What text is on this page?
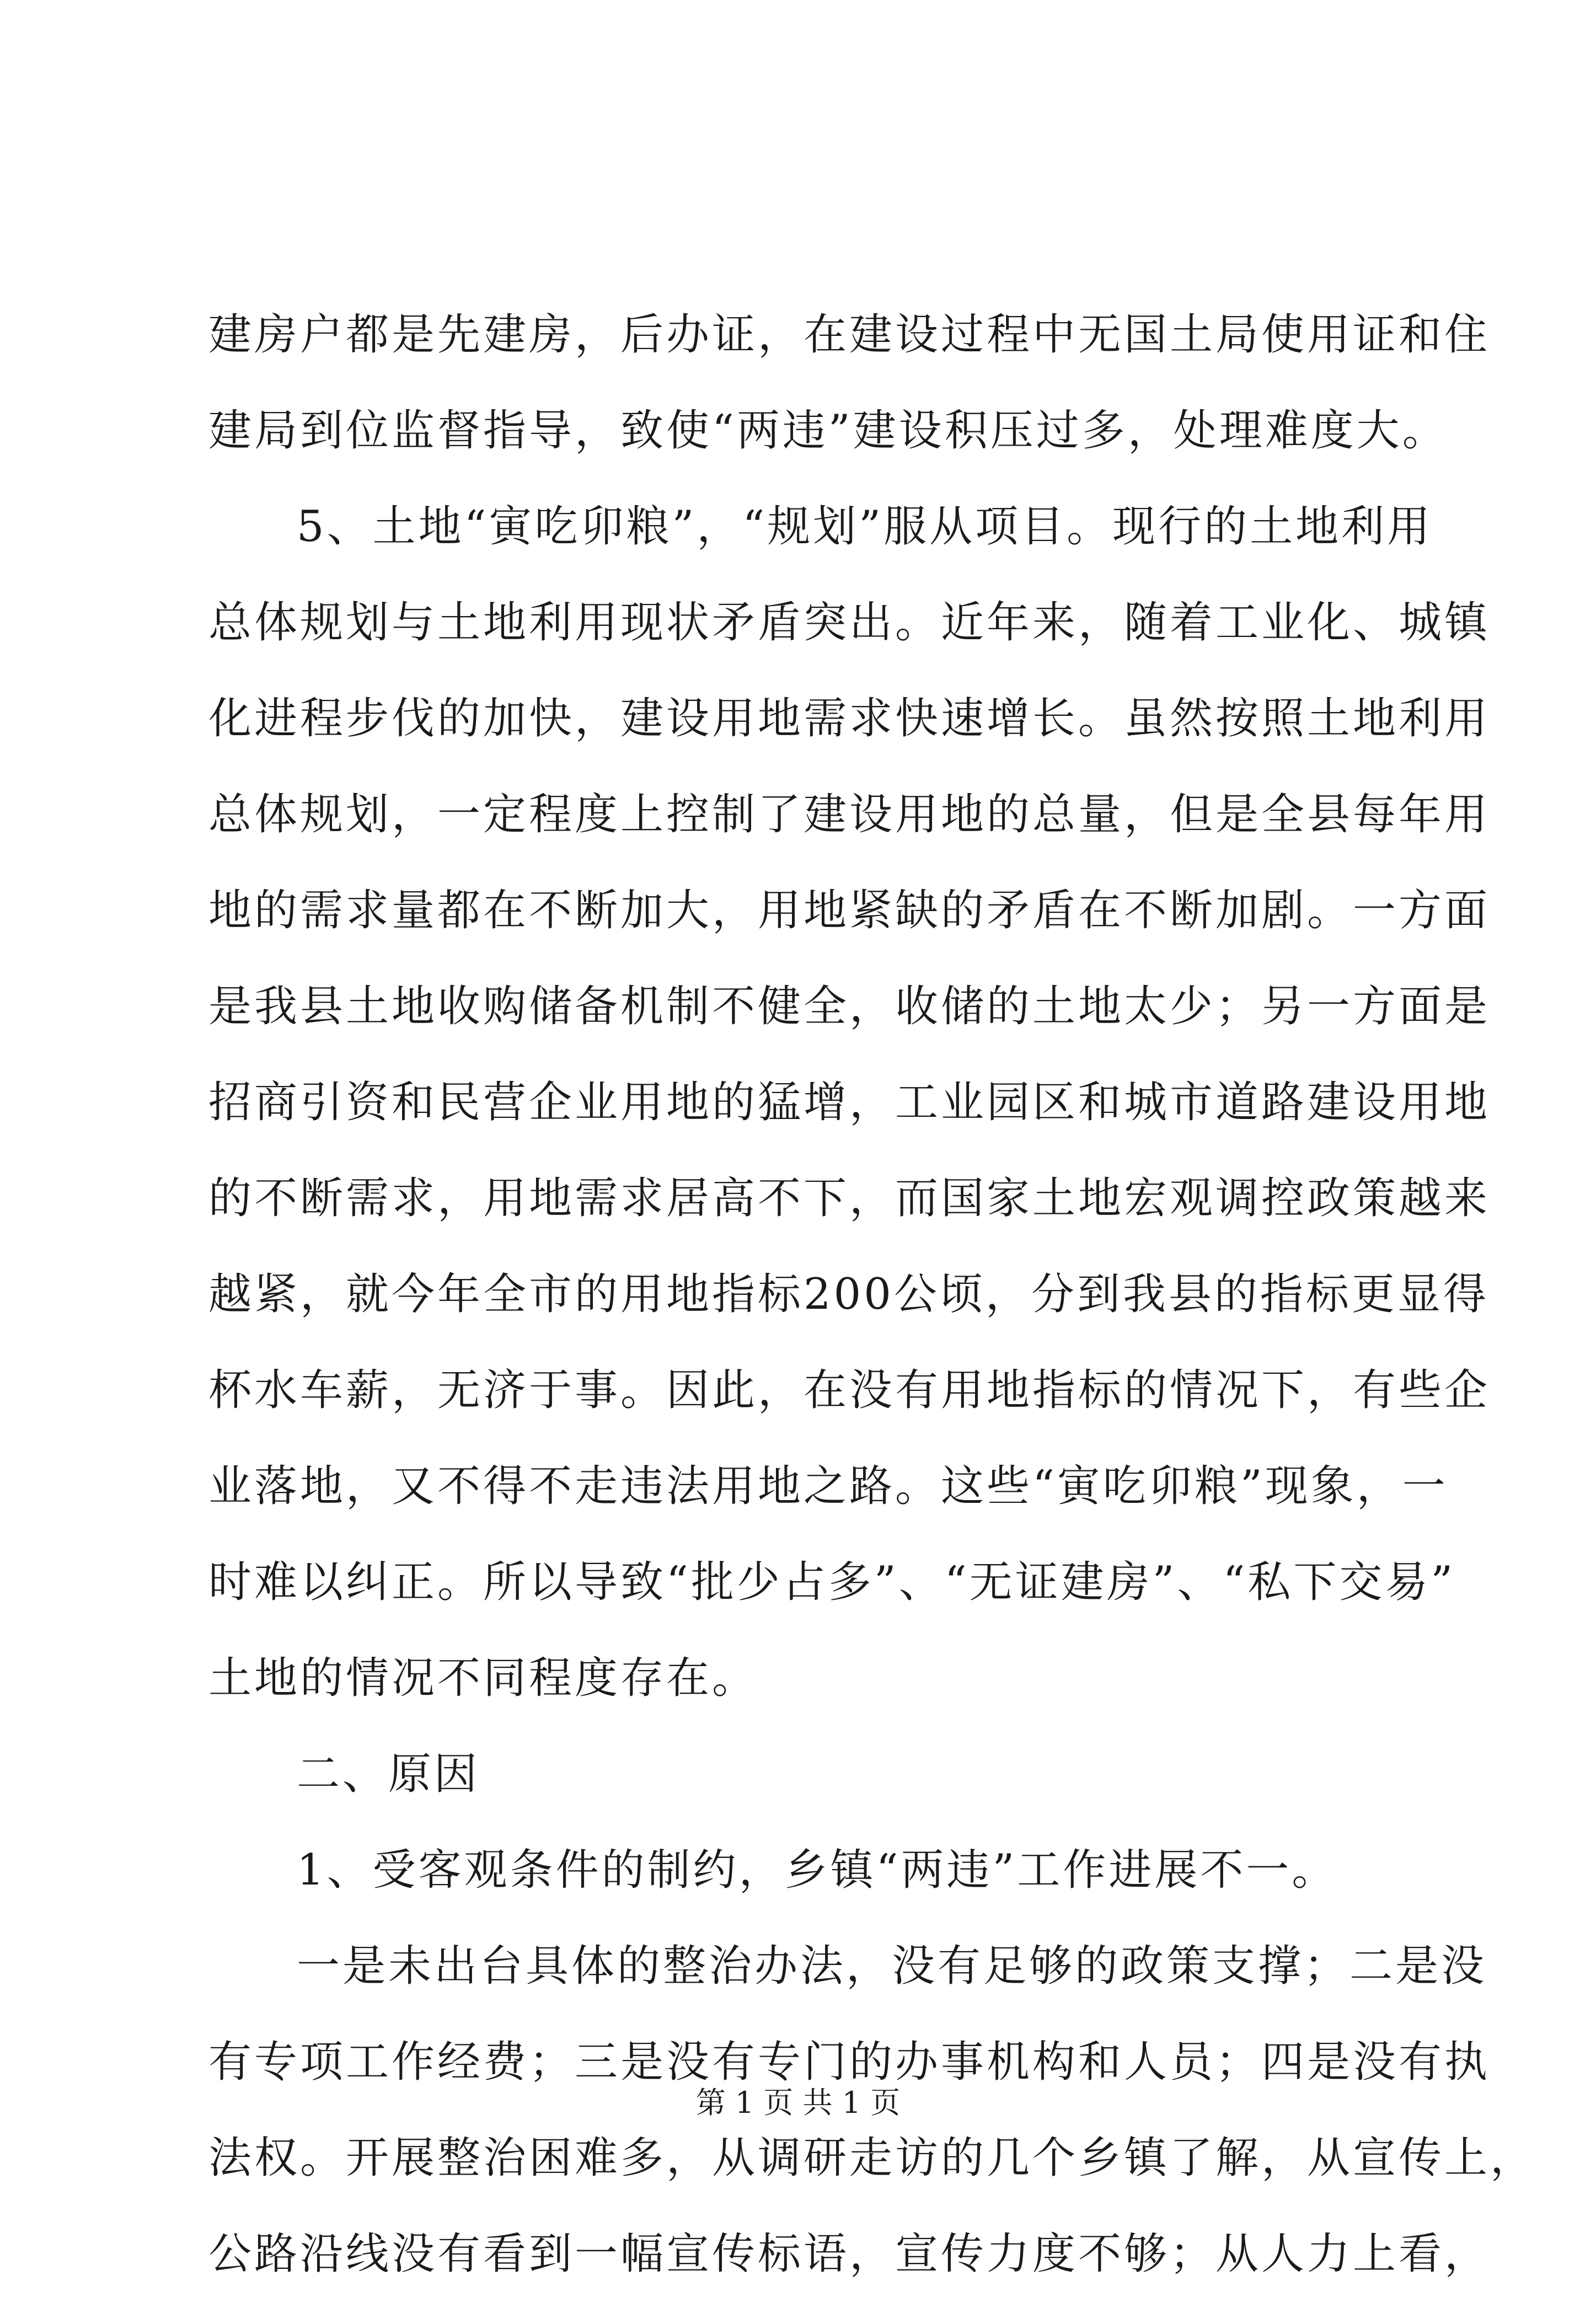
建房户都是先建房，后办证，在建设过程中无国土局使用证和住
建局到位监督指导，致使“两违”建设积压过多，处理难度大。
5、土地“寅吃卯粮”，“规划”服从项目。现行的土地利用
总体规划与土地利用现状矛盾突出。近年来，随着工业化、城镇
化进程步伐的加快，建设用地需求快速增长。虽然按照土地利用
总体规划，一定程度上控制了建设用地的总量，但是全县每年用
地的需求量都在不断加大，用地紧缺的矛盾在不断加剧。一方面
是我县土地收购储备机制不健全，收储的土地太少；另一方面是
招商引资和民营企业用地的猛增，工业园区和城市道路建设用地
的不断需求，用地需求居高不下，而国家土地宏观调控政策越来
越紧，就今年全市的用地指标200公顷，分到我县的指标更显得
杯水车薪，无济于事。因此，在没有用地指标的情况下，有些企
业落地，又不得不走违法用地之路。这些“寅吃卯粮”现象，一
时难以纠正。所以导致“批少占多”、“无证建房”、“私下交易”
土地的情况不同程度存在。
二、原因
1、受客观条件的制约，乡镇“两违”工作进展不一。
一是未出台具体的整治办法，没有足够的政策支撑；二是没
有专项工作经费；三是没有专门的办事机构和人员；四是没有执
法权。开展整治困难多，从调研走访的几个乡镇了解，从宣传上，
公路沿线没有看到一幅宣传标语，宣传力度不够；从人力上看，
第 1 页 共 1 页
